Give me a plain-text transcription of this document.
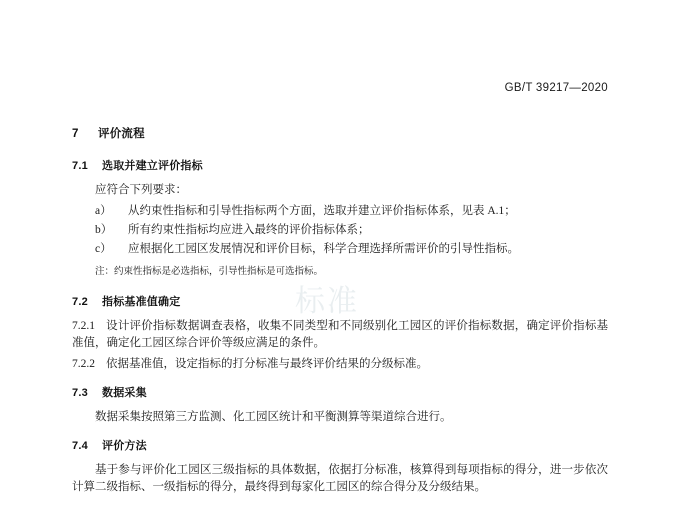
GB/T 39217—2020
标准
7 评价流程
7.1 选取并建立评价指标

应符合下列要求：

a）	从约束性指标和引导性指标两个方面，选取并建立评价指标体系，见表 A.1；

b）	所有约束性指标均应进入最终的评价指标体系；

c）	应根据化工园区发展情况和评价目标，科学合理选择所需评价的引导性指标。

注：约束性指标是必选指标，引导性指标是可选指标。

7.2 指标基准值确定

7.2.1 设计评价指标数据调查表格，收集不同类型和不同级别化工园区的评价指标数据，确定评价指标基准值，确定化工园区综合评价等级应满足的条件。

7.2.2 依据基准值，设定指标的打分标准与最终评价结果的分级标准。

7.3 数据采集

数据采集按照第三方监测、化工园区统计和平衡测算等渠道综合进行。

7.4 评价方法

基于参与评价化工园区三级指标的具体数据，依据打分标准，核算得到每项指标的得分，进一步依次计算二级指标、一级指标的得分，最终得到每家化工园区的综合得分及分级结果。
